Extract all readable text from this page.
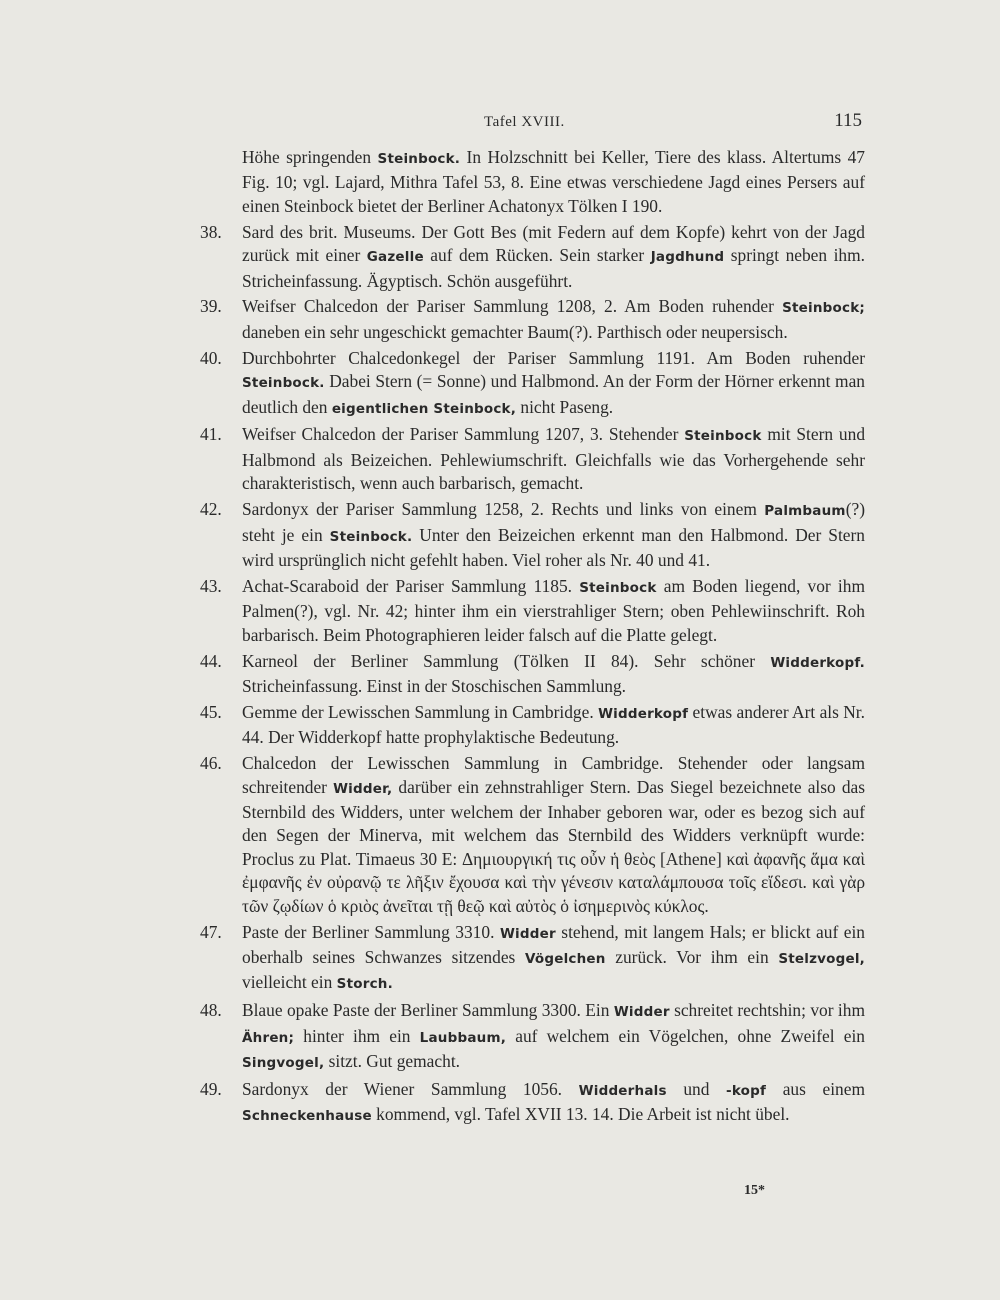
Tafel XVIII.	115

Höhe springenden Steinbock. In Holzschnitt bei Keller, Tiere des klass. Altertums 47 Fig. 10; vgl. Lajard, Mithra Tafel 53, 8. Eine etwas verschiedene Jagd eines Persers auf einen Steinbock bietet der Berliner Achatonyx Tölken I 190.

38. Sard des brit. Museums. Der Gott Bes (mit Federn auf dem Kopfe) kehrt von der Jagd zurück mit einer Gazelle auf dem Rücken. Sein starker Jagdhund springt neben ihm. Stricheinfassung. Ägyptisch. Schön ausgeführt.
39. Weifser Chalcedon der Pariser Sammlung 1208, 2. Am Boden ruhender Steinbock; daneben ein sehr ungeschickt gemachter Baum(?). Parthisch oder neupersisch.
40. Durchbohrter Chalcedonkegel der Pariser Sammlung 1191. Am Boden ruhender Steinbock. Dabei Stern (= Sonne) und Halbmond. An der Form der Hörner erkennt man deutlich den eigentlichen Steinbock, nicht Paseng.
41. Weifser Chalcedon der Pariser Sammlung 1207, 3. Stehender Steinbock mit Stern und Halbmond als Beizeichen. Pehlewiumschrift. Gleichfalls wie das Vorhergehende sehr charakteristisch, wenn auch barbarisch, gemacht.
42. Sardonyx der Pariser Sammlung 1258, 2. Rechts und links von einem Palmbaum(?) steht je ein Steinbock. Unter den Beizeichen erkennt man den Halbmond. Der Stern wird ursprünglich nicht gefehlt haben. Viel roher als Nr. 40 und 41.
43. Achat-Scaraboid der Pariser Sammlung 1185. Steinbock am Boden liegend, vor ihm Palmen(?), vgl. Nr. 42; hinter ihm ein vierstrahliger Stern; oben Pehlewiinschrift. Roh barbarisch. Beim Photographieren leider falsch auf die Platte gelegt.
44. Karneol der Berliner Sammlung (Tölken II 84). Sehr schöner Widderkopf. Stricheinfassung. Einst in der Stoschischen Sammlung.
45. Gemme der Lewisschen Sammlung in Cambridge. Widderkopf etwas anderer Art als Nr. 44. Der Widderkopf hatte prophylaktische Bedeutung.
46. Chalcedon der Lewisschen Sammlung in Cambridge. Stehender oder langsam schreitender Widder, darüber ein zehnstrahliger Stern. Das Siegel bezeichnete also das Sternbild des Widders, unter welchem der Inhaber geboren war, oder es bezog sich auf den Segen der Minerva, mit welchem das Sternbild des Widders verknüpft wurde: Proclus zu Plat. Timaeus 30 E: Δημιουργική τις οὖν ἡ θεὸς [Athene] καὶ ἀφανῆς ἅμα καὶ ἐμφανῆς ἐν οὐρανῷ τε λῆξιν ἔχουσα καὶ τὴν γένεσιν καταλάμπουσα τοῖς εἴδεσι. καὶ γὰρ τῶν ζῳδίων ὁ κριὸς ἀνεῖται τῇ θεῷ καὶ αὐτὸς ὁ ἰσημερινὸς κύκλος.
47. Paste der Berliner Sammlung 3310. Widder stehend, mit langem Hals; er blickt auf ein oberhalb seines Schwanzes sitzendes Vögelchen zurück. Vor ihm ein Stelzvogel, vielleicht ein Storch.
48. Blaue opake Paste der Berliner Sammlung 3300. Ein Widder schreitet rechtshin; vor ihm Ähren; hinter ihm ein Laubbaum, auf welchem ein Vögelchen, ohne Zweifel ein Singvogel, sitzt. Gut gemacht.
49. Sardonyx der Wiener Sammlung 1056. Widderhals und -kopf aus einem Schneckenhause kommend, vgl. Tafel XVII 13. 14. Die Arbeit ist nicht übel.
15*
